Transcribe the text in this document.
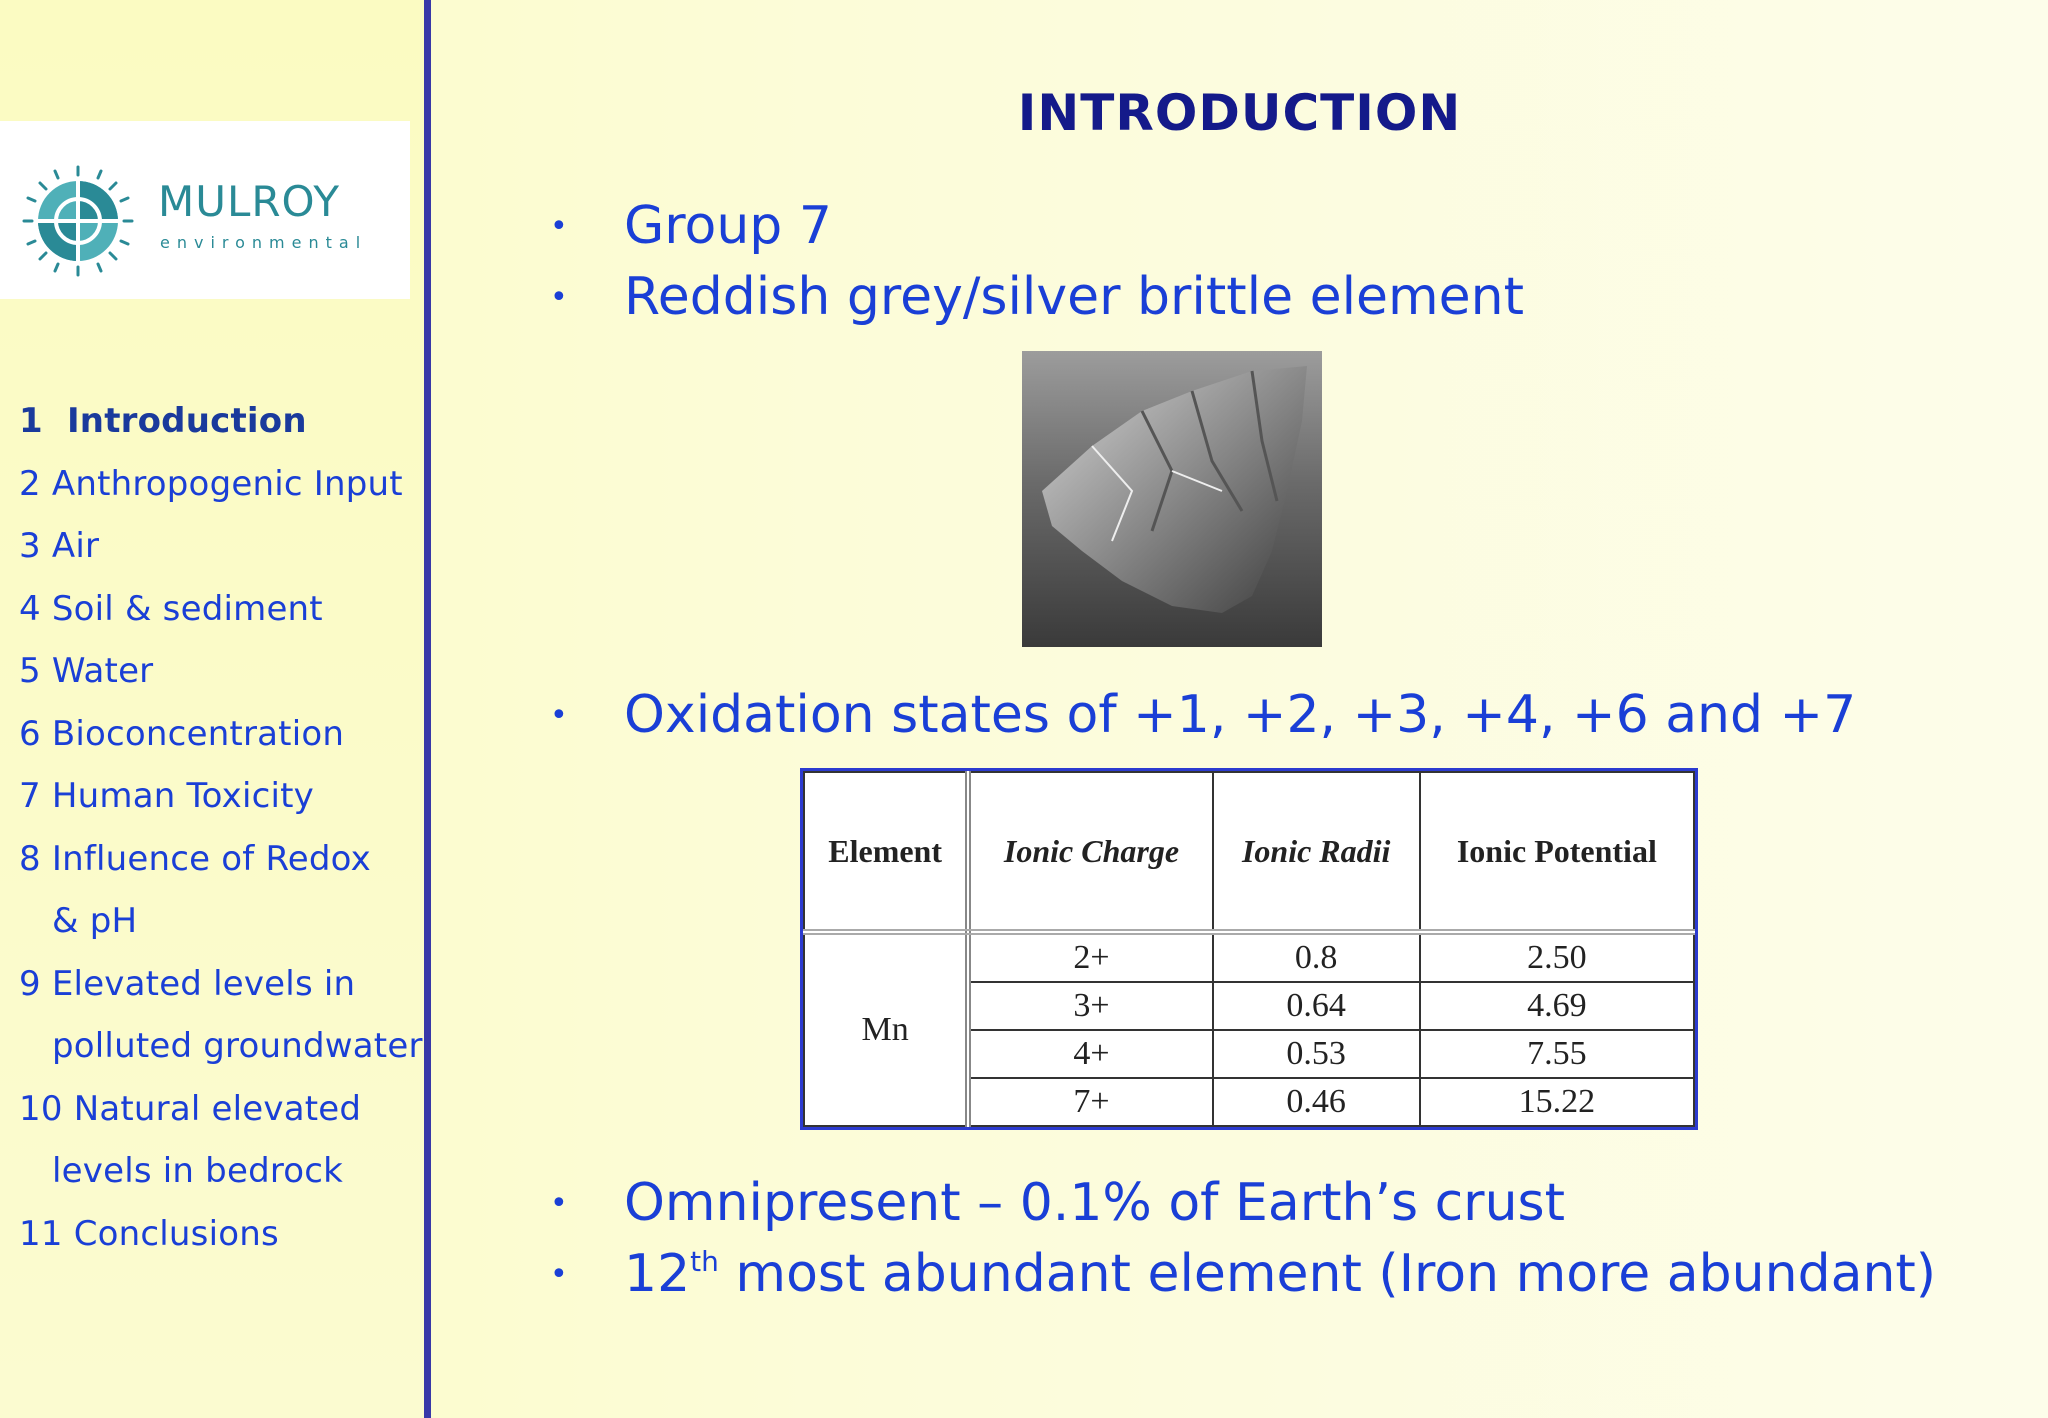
MULROY
environmental
1 Introduction
2 Anthropogenic Input
3 Air
4 Soil & sediment
5 Water
6 Bioconcentration
7 Human Toxicity
8 Influence of Redox
& pH
9 Elevated levels in
polluted groundwater
10 Natural elevated
levels in bedrock
11 Conclusions
INTRODUCTION
• Group 7
• Reddish grey/silver brittle element
• Oxidation states of +1, +2, +3, +4, +6 and +7
Element	Ionic Charge	Ionic Radii	Ionic Potential
Mn	2+	0.8	2.50
	3+	0.64	4.69
	4+	0.53	7.55
	7+	0.46	15.22
• Omnipresent – 0.1% of Earth’s crust
• 12th most abundant element (Iron more abundant)
